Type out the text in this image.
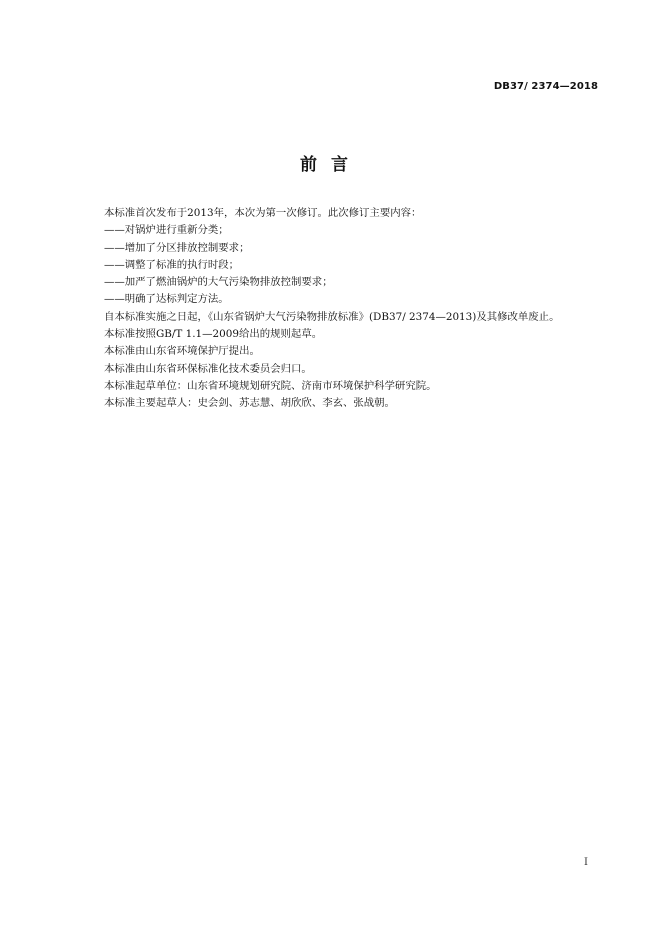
DB37/ 2374—2018
前言
本标准首次发布于2013年，本次为第一次修订。此次修订主要内容：
——对锅炉进行重新分类；
——增加了分区排放控制要求；
——调整了标准的执行时段；
——加严了燃油锅炉的大气污染物排放控制要求；
——明确了达标判定方法。
自本标准实施之日起，《山东省锅炉大气污染物排放标准》(DB37/ 2374—2013)及其修改单废止。
本标准按照GB/T 1.1—2009给出的规则起草。
本标准由山东省环境保护厅提出。
本标准由山东省环保标准化技术委员会归口。
本标准起草单位：山东省环境规划研究院、济南市环境保护科学研究院。
本标准主要起草人：史会剑、苏志慧、胡欣欣、李玄、张战朝。
I
